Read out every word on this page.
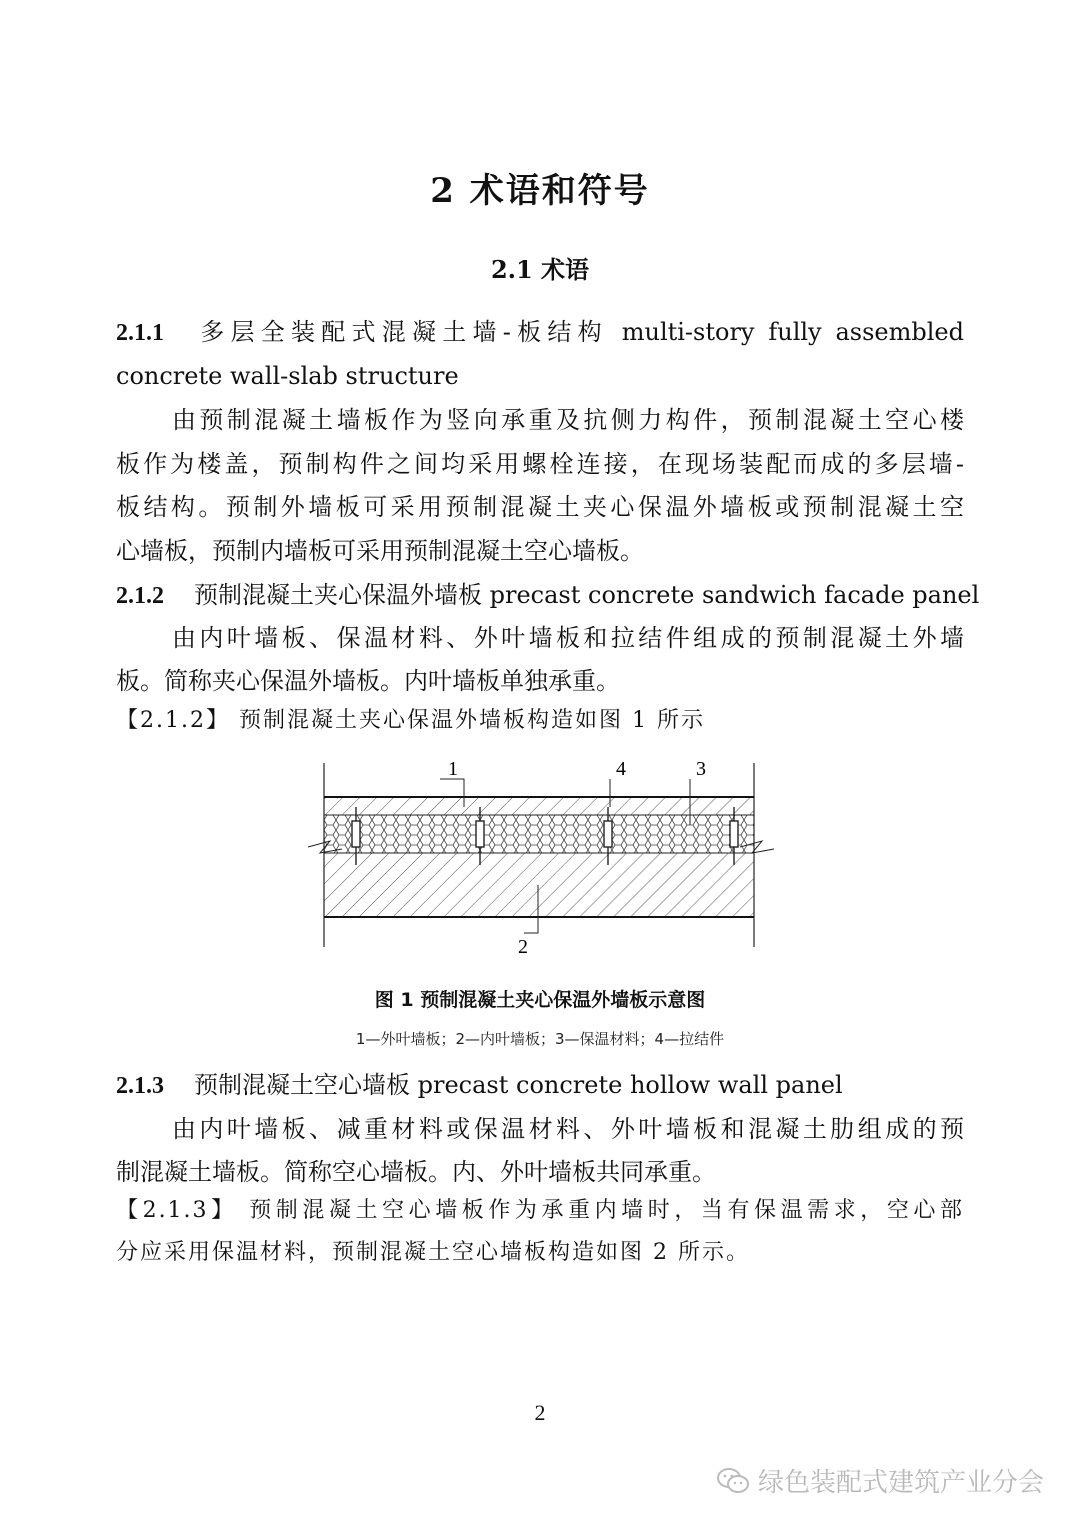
2 术语和符号
2.1 术语
2.1.1 多层全装配式混凝土墙-板结构 multi-story fully assembled
concrete wall-slab structure
由预制混凝土墙板作为竖向承重及抗侧力构件，预制混凝土空心楼
板作为楼盖，预制构件之间均采用螺栓连接，在现场装配而成的多层墙-
板结构。预制外墙板可采用预制混凝土夹心保温外墙板或预制混凝土空
心墙板，预制内墙板可采用预制混凝土空心墙板。
2.1.2 预制混凝土夹心保温外墙板 precast concrete sandwich facade panel
由内叶墙板、保温材料、外叶墙板和拉结件组成的预制混凝土外墙
板。简称夹心保温外墙板。内叶墙板单独承重。
【2.1.2】 预制混凝土夹心保温外墙板构造如图 1 所示
1	4	3
2
图 1 预制混凝土夹心保温外墙板示意图
1—外叶墙板；2—内叶墙板；3—保温材料；4—拉结件
2.1.3 预制混凝土空心墙板 precast concrete hollow wall panel
由内叶墙板、减重材料或保温材料、外叶墙板和混凝土肋组成的预
制混凝土墙板。简称空心墙板。内、外叶墙板共同承重。
【2.1.3】 预制混凝土空心墙板作为承重内墙时，当有保温需求，空心部
分应采用保温材料，预制混凝土空心墙板构造如图 2 所示。
2
绿色装配式建筑产业分会
